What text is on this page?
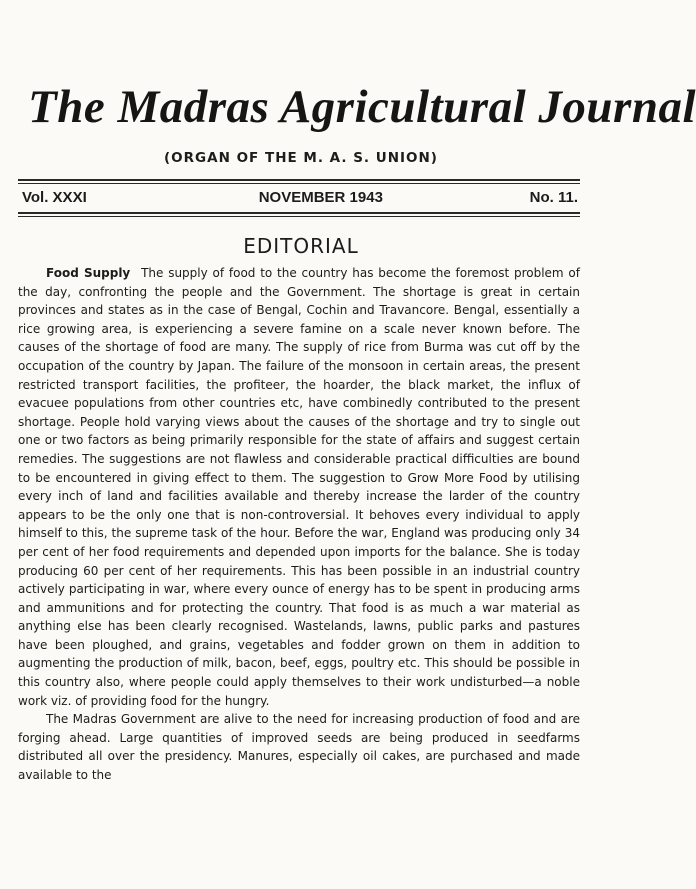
The Madras Agricultural Journal
(ORGAN OF THE M. A. S. UNION)
Vol. XXXI	NOVEMBER 1943	No. 11.
EDITORIAL

Food Supply  The supply of food to the country has become the foremost problem of the day, confronting the people and the Government. The shortage is great in certain provinces and states as in the case of Bengal, Cochin and Travancore. Bengal, essentially a rice growing area, is experiencing a severe famine on a scale never known before. The causes of the shortage of food are many. The supply of rice from Burma was cut off by the occupation of the country by Japan. The failure of the monsoon in certain areas, the present restricted transport facilities, the profiteer, the hoarder, the black market, the influx of evacuee populations from other countries etc, have combinedly contributed to the present shortage. People hold varying views about the causes of the shortage and try to single out one or two factors as being primarily responsible for the state of affairs and suggest certain remedies. The suggestions are not flawless and considerable practical difficulties are bound to be encountered in giving effect to them. The suggestion to Grow More Food by utilising every inch of land and facilities available and thereby increase the larder of the country appears to be the only one that is non-controversial. It behoves every individual to apply himself to this, the supreme task of the hour. Before the war, England was producing only 34 per cent of her food requirements and depended upon imports for the balance. She is today producing 60 per cent of her requirements. This has been possible in an industrial country actively participating in war, where every ounce of energy has to be spent in producing arms and ammunitions and for protecting the country. That food is as much a war material as anything else has been clearly recognised. Wastelands, lawns, public parks and pastures have been ploughed, and grains, vegetables and fodder grown on them in addition to augmenting the production of milk, bacon, beef, eggs, poultry etc. This should be possible in this country also, where people could apply themselves to their work undisturbed—a noble work viz. of providing food for the hungry.

The Madras Government are alive to the need for increasing production of food and are forging ahead. Large quantities of improved seeds are being produced in seedfarms distributed all over the presidency. Manures, especially oil cakes, are purchased and made available to the
